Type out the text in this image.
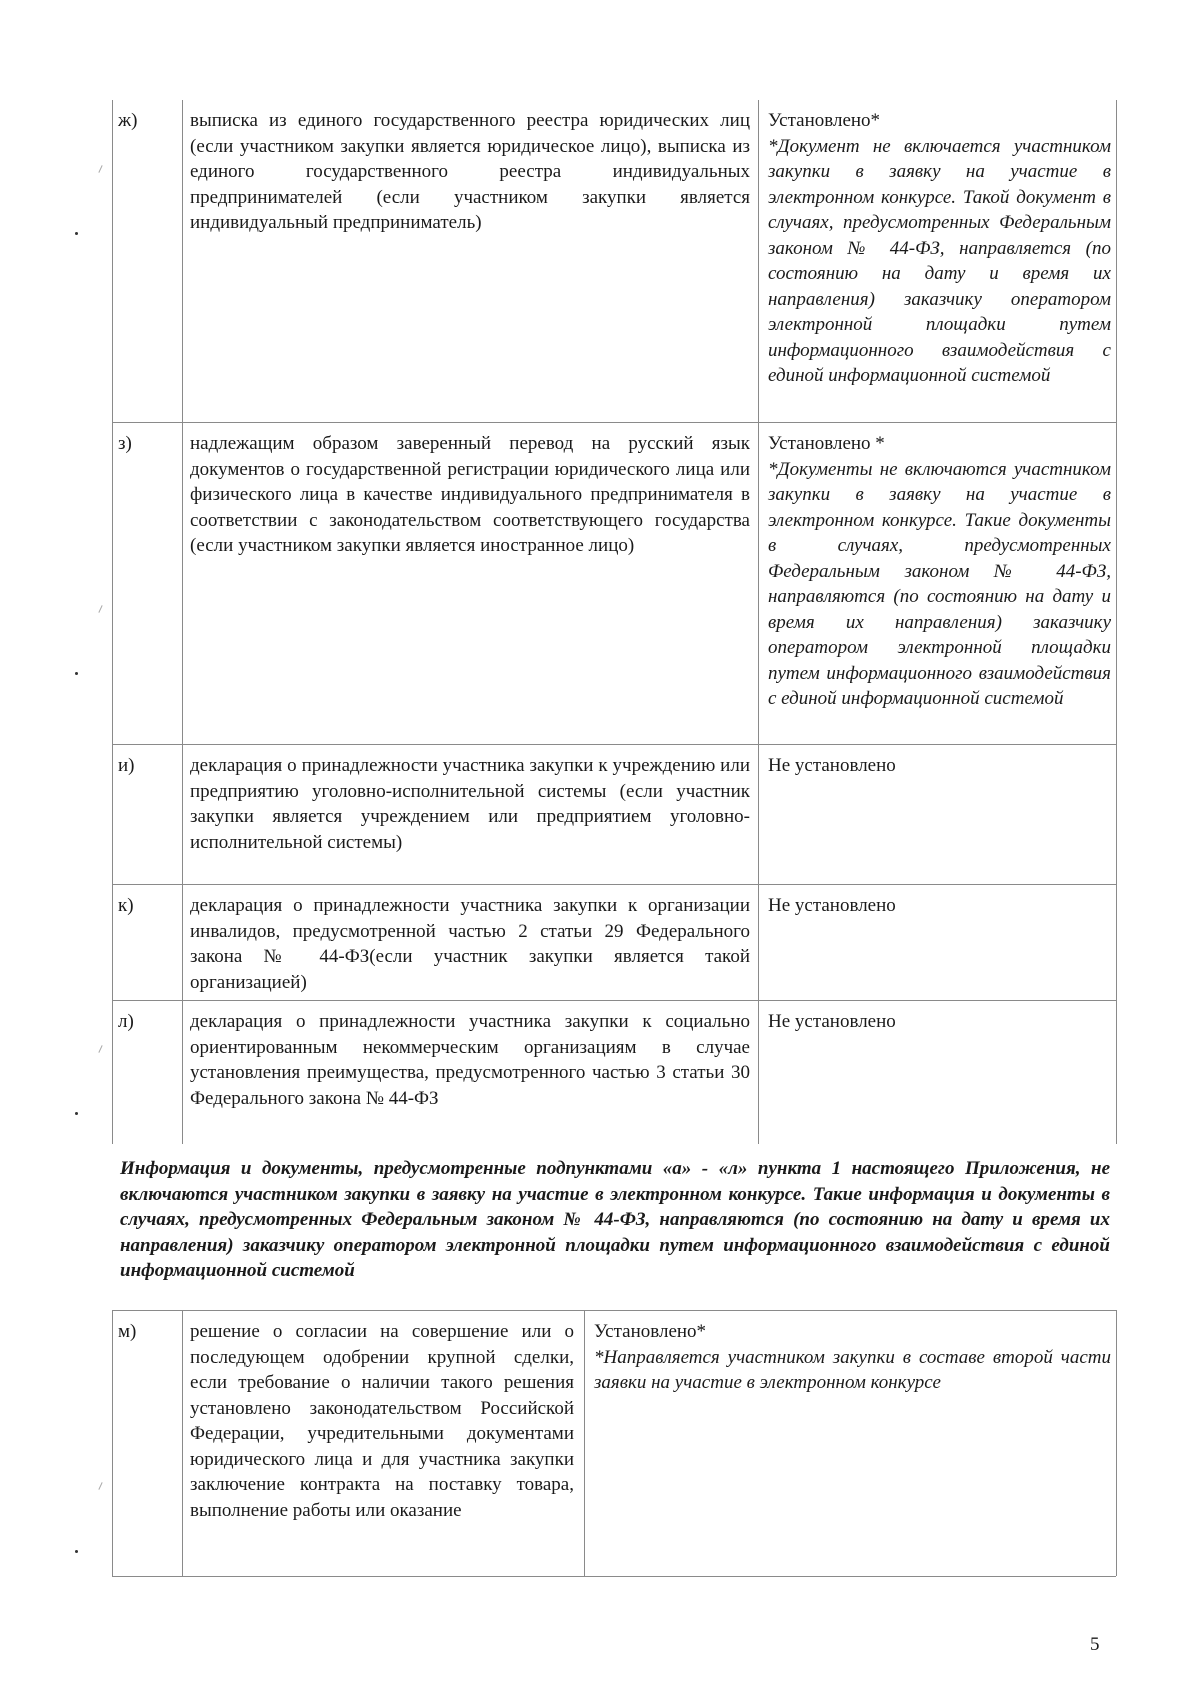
ж)	выписка из единого государственного реестра юридических лиц (если участником закупки является юридическое лицо), выписка из единого государственного реестра индивидуальных предпринимателей (если участником закупки является индивидуальный предприниматель)
Установлено*
*Документ не включается участником закупки в заявку на участие в электронном конкурсе. Такой документ в случаях, предусмотренных Федеральным законом № 44-ФЗ, направляется (по состоянию на дату и время их направления) заказчику оператором электронной площадки путем информационного взаимодействия с единой информационной системой
з)	надлежащим образом заверенный перевод на русский язык документов о государственной регистрации юридического лица или физического лица в качестве индивидуального предпринимателя в соответствии с законодательством соответствующего государства (если участником закупки является иностранное лицо)
Установлено *
*Документы не включаются участником закупки в заявку на участие в электронном конкурсе. Такие документы в случаях, предусмотренных Федеральным законом № 44-ФЗ, направляются (по состоянию на дату и время их направления) заказчику оператором электронной площадки путем информационного взаимодействия с единой информационной системой
и)	декларация о принадлежности участника закупки к учреждению или предприятию уголовно-исполнительной системы (если участник закупки является учреждением или предприятием уголовно-исполнительной системы)
Не установлено
к)	декларация о принадлежности участника закупки к организации инвалидов, предусмотренной частью 2 статьи 29 Федерального закона № 44-ФЗ(если участник закупки является такой организацией)
Не установлено
л)	декларация о принадлежности участника закупки к социально ориентированным некоммерческим организациям в случае установления преимущества, предусмотренного частью 3 статьи 30 Федерального закона № 44-ФЗ
Не установлено
Информация и документы, предусмотренные подпунктами «а» - «л» пункта 1 настоящего Приложения, не включаются участником закупки в заявку на участие в электронном конкурсе. Такие информация и документы в случаях, предусмотренных Федеральным законом № 44-ФЗ, направляются (по состоянию на дату и время их направления) заказчику оператором электронной площадки путем информационного взаимодействия с единой информационной системой
м)	решение о согласии на совершение или о последующем одобрении крупной сделки, если требование о наличии такого решения установлено законодательством Российской Федерации, учредительными документами юридического лица и для участника закупки заключение контракта на поставку товара, выполнение работы или оказание
Установлено*
*Направляется участником закупки в составе второй части заявки на участие в электронном конкурсе
5
